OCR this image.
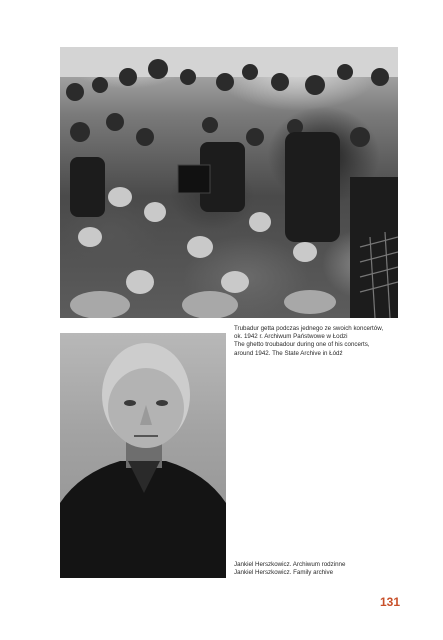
Trubadur getta podczas jednego ze swoich koncertów,
ok. 1942 r. Archiwum Państwowe w Łodzi
The ghetto troubadour during one of his concerts,
around 1942. The State Archive in Łódź
Jankiel Herszkowicz. Archiwum rodzinne
Jankiel Herszkowicz. Family archive
131
